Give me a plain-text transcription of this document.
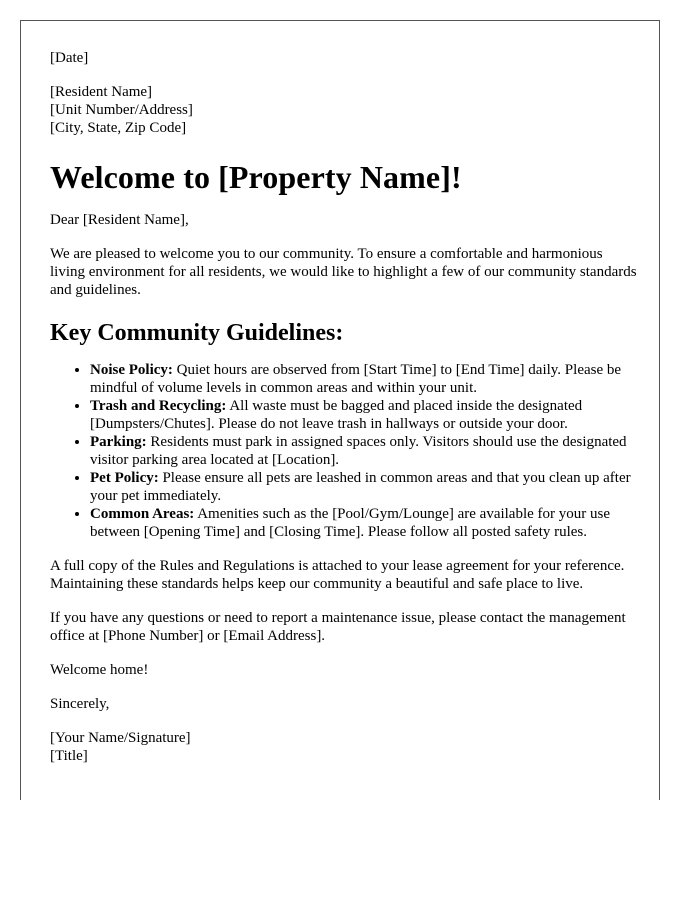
[Date]

[Resident Name]
[Unit Number/Address]
[City, State, Zip Code]
Welcome to [Property Name]!

Dear [Resident Name],

We are pleased to welcome you to our community. To ensure a comfortable and harmonious living environment for all residents, we would like to highlight a few of our community standards and guidelines.

Key Community Guidelines:
• Noise Policy: Quiet hours are observed from [Start Time] to [End Time] daily. Please be mindful of volume levels in common areas and within your unit.
• Trash and Recycling: All waste must be bagged and placed inside the designated [Dumpsters/Chutes]. Please do not leave trash in hallways or outside your door.
• Parking: Residents must park in assigned spaces only. Visitors should use the designated visitor parking area located at [Location].
• Pet Policy: Please ensure all pets are leashed in common areas and that you clean up after your pet immediately.
• Common Areas: Amenities such as the [Pool/Gym/Lounge] are available for your use between [Opening Time] and [Closing Time]. Please follow all posted safety rules.

A full copy of the Rules and Regulations is attached to your lease agreement for your reference. Maintaining these standards helps keep our community a beautiful and safe place to live.

If you have any questions or need to report a maintenance issue, please contact the management office at [Phone Number] or [Email Address].

Welcome home!

Sincerely,

[Your Name/Signature]
[Title]
